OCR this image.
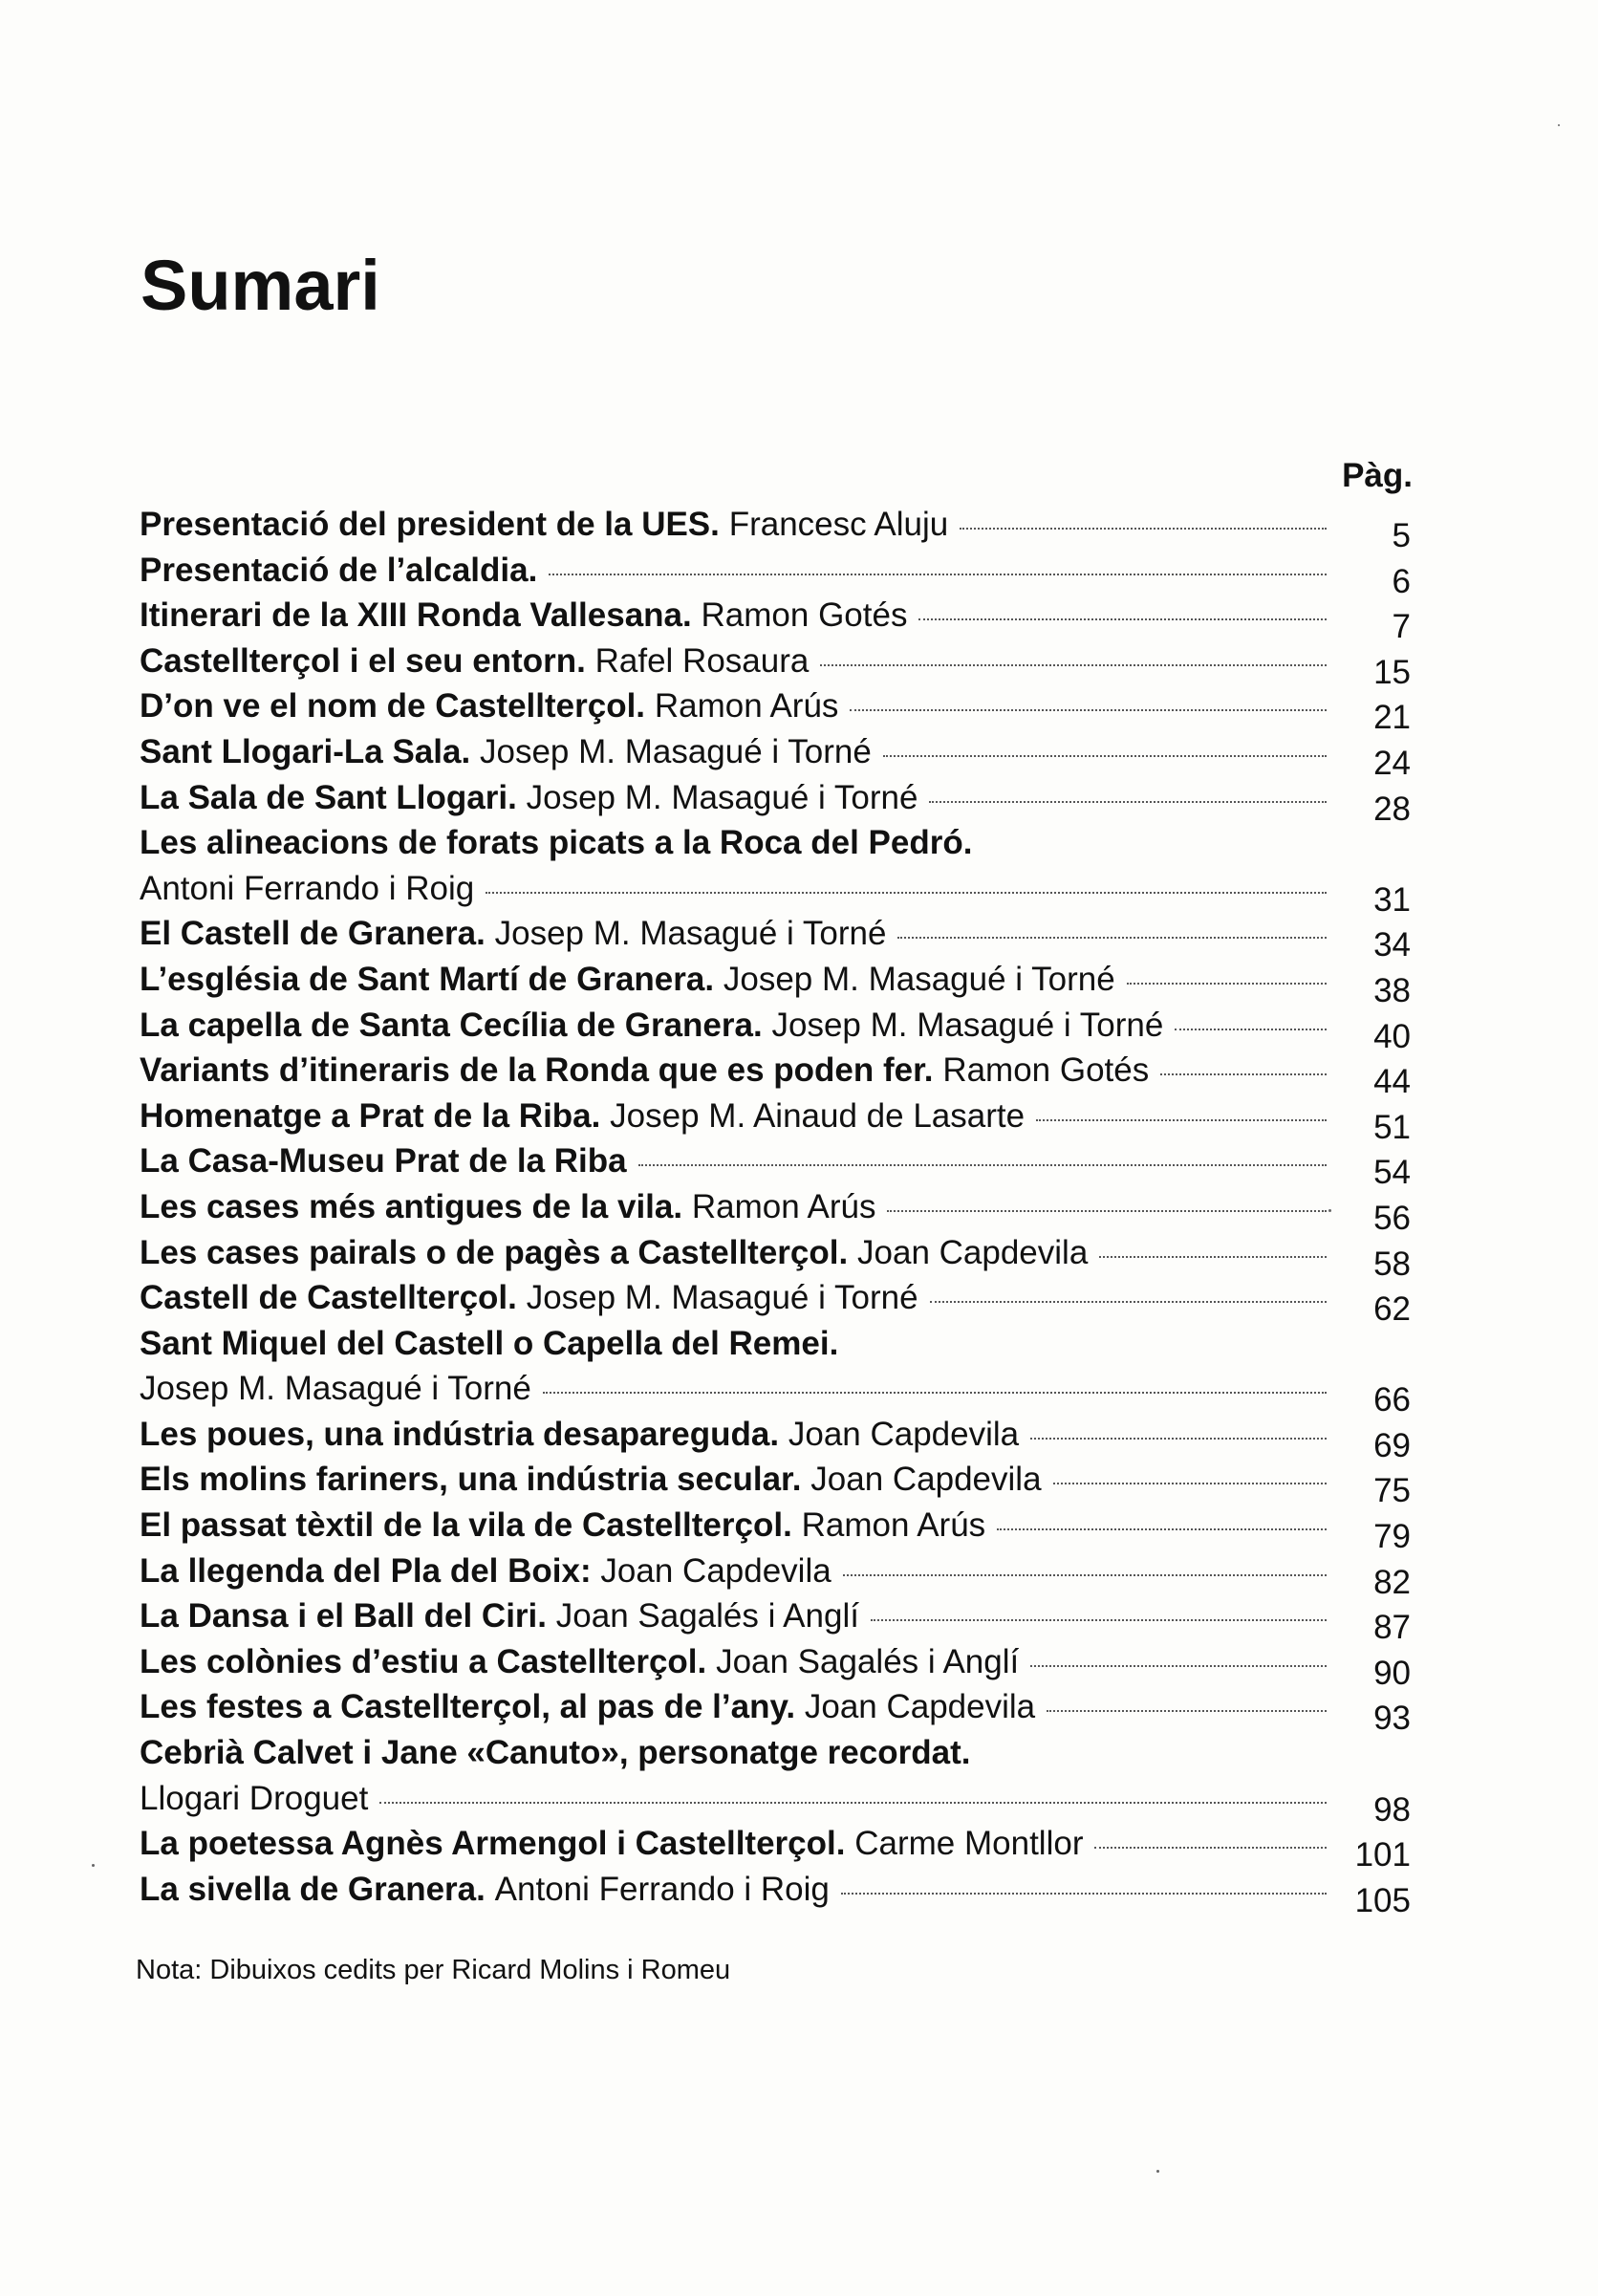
Sumari
Pàg.
Presentació del president de la UES. Francesc Aluju	5
Presentació de l’alcaldia.	6
Itinerari de la XIII Ronda Vallesana. Ramon Gotés	7
Castellterçol i el seu entorn. Rafel Rosaura	15
D’on ve el nom de Castellterçol. Ramon Arús	21
Sant Llogari-La Sala. Josep M. Masagué i Torné	24
La Sala de Sant Llogari. Josep M. Masagué i Torné	28
Les alineacions de forats picats a la Roca del Pedró.
Antoni Ferrando i Roig	31
El Castell de Granera. Josep M. Masagué i Torné	34
L’església de Sant Martí de Granera. Josep M. Masagué i Torné	38
La capella de Santa Cecília de Granera. Josep M. Masagué i Torné	40
Variants d’itineraris de la Ronda que es poden fer. Ramon Gotés	44
Homenatge a Prat de la Riba. Josep M. Ainaud de Lasarte	51
La Casa-Museu Prat de la Riba	54
Les cases més antigues de la vila. Ramon Arús	56
Les cases pairals o de pagès a Castellterçol. Joan Capdevila	58
Castell de Castellterçol. Josep M. Masagué i Torné	62
Sant Miquel del Castell o Capella del Remei.
Josep M. Masagué i Torné	66
Les poues, una indústria desapareguda. Joan Capdevila	69
Els molins fariners, una indústria secular. Joan Capdevila	75
El passat tèxtil de la vila de Castellterçol. Ramon Arús	79
La llegenda del Pla del Boix: Joan Capdevila	82
La Dansa i el Ball del Ciri. Joan Sagalés i Anglí	87
Les colònies d’estiu a Castellterçol. Joan Sagalés i Anglí	90
Les festes a Castellterçol, al pas de l’any. Joan Capdevila	93
Cebrià Calvet i Jane «Canuto», personatge recordat.
Llogari Droguet	98
La poetessa Agnès Armengol i Castellterçol. Carme Montllor	101
La sivella de Granera. Antoni Ferrando i Roig	105
Nota: Dibuixos cedits per Ricard Molins i Romeu
